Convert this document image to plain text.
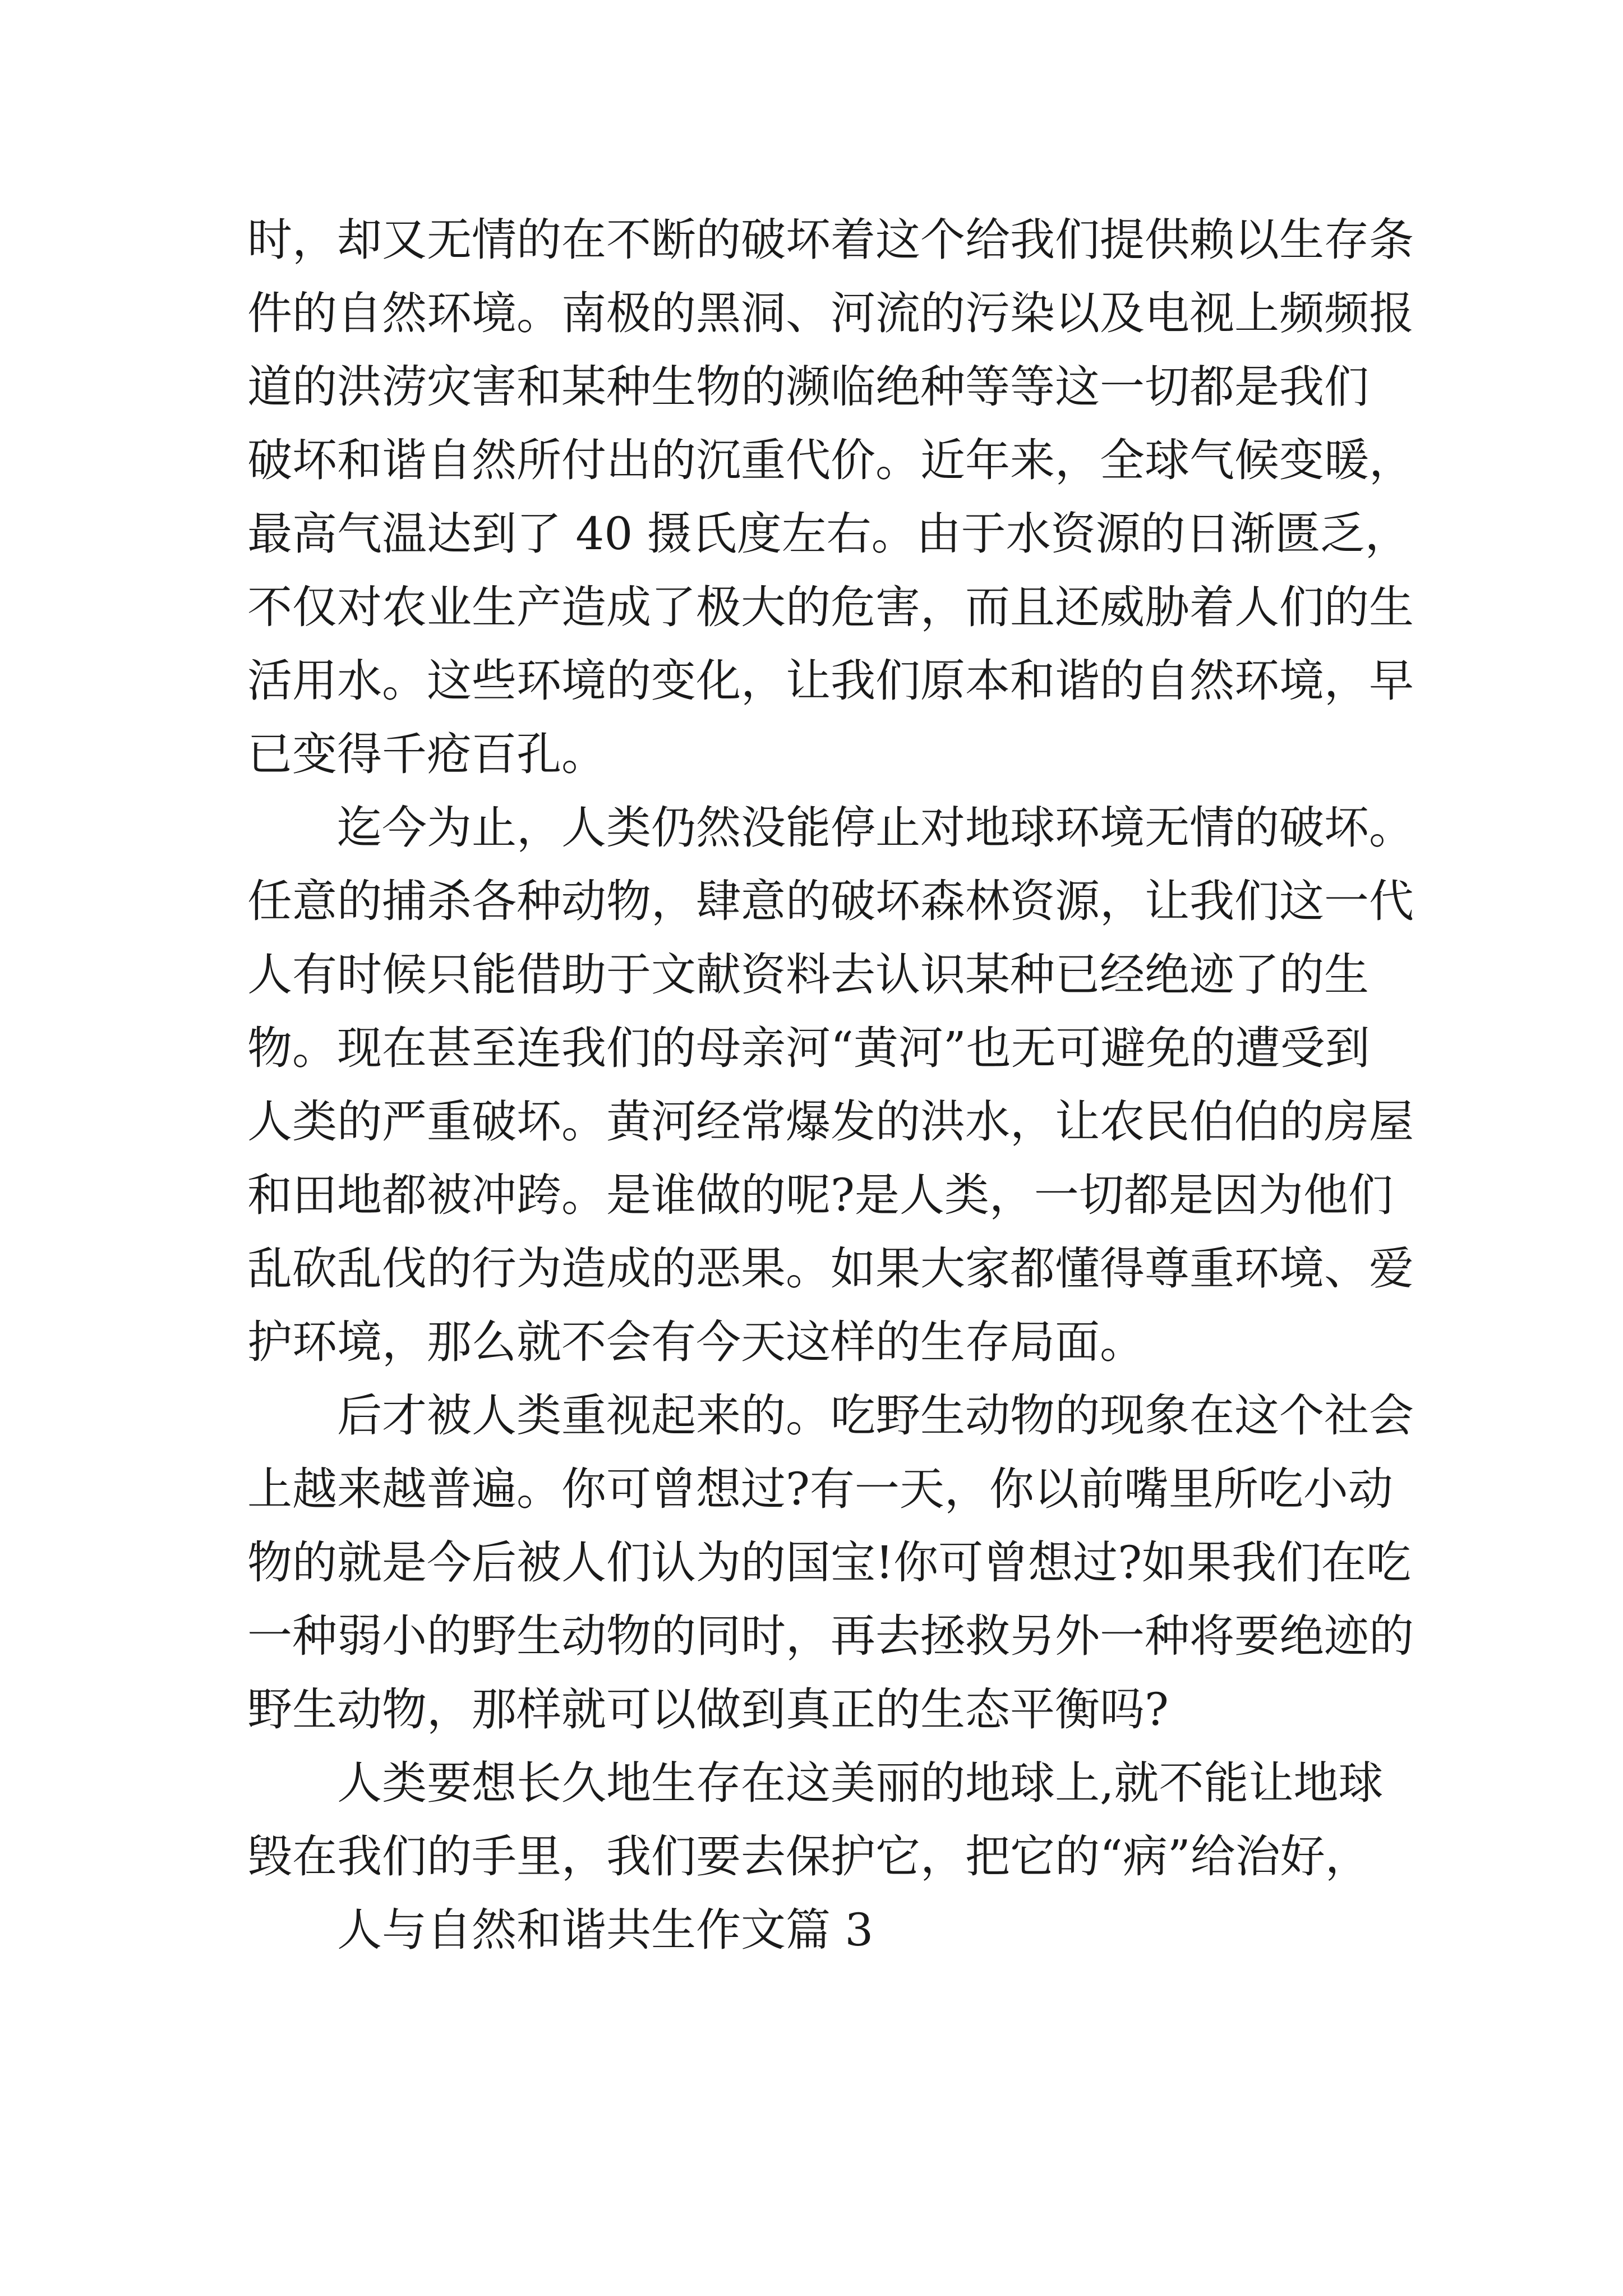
时，却又无情的在不断的破坏着这个给我们提供赖以生存条
件的自然环境。南极的黑洞、河流的污染以及电视上频频报
道的洪涝灾害和某种生物的濒临绝种等等这一切都是我们
破坏和谐自然所付出的沉重代价。近年来，全球气候变暖，
最高气温达到了 40 摄氏度左右。由于水资源的日渐匮乏，
不仅对农业生产造成了极大的危害，而且还威胁着人们的生
活用水。这些环境的变化，让我们原本和谐的自然环境，早
已变得千疮百孔。
迄今为止，人类仍然没能停止对地球环境无情的破坏。
任意的捕杀各种动物，肆意的破坏森林资源，让我们这一代
人有时候只能借助于文献资料去认识某种已经绝迹了的生
物。现在甚至连我们的母亲河“黄河”也无可避免的遭受到
人类的严重破坏。黄河经常爆发的洪水，让农民伯伯的房屋
和田地都被冲跨。是谁做的呢?是人类，一切都是因为他们
乱砍乱伐的行为造成的恶果。如果大家都懂得尊重环境、爱
护环境，那么就不会有今天这样的生存局面。
后才被人类重视起来的。吃野生动物的现象在这个社会
上越来越普遍。你可曾想过?有一天，你以前嘴里所吃小动
物的就是今后被人们认为的国宝!你可曾想过?如果我们在吃
一种弱小的野生动物的同时，再去拯救另外一种将要绝迹的
野生动物，那样就可以做到真正的生态平衡吗?
人类要想长久地生存在这美丽的地球上,就不能让地球
毁在我们的手里，我们要去保护它，把它的“病”给治好，
人与自然和谐共生作文篇 3
